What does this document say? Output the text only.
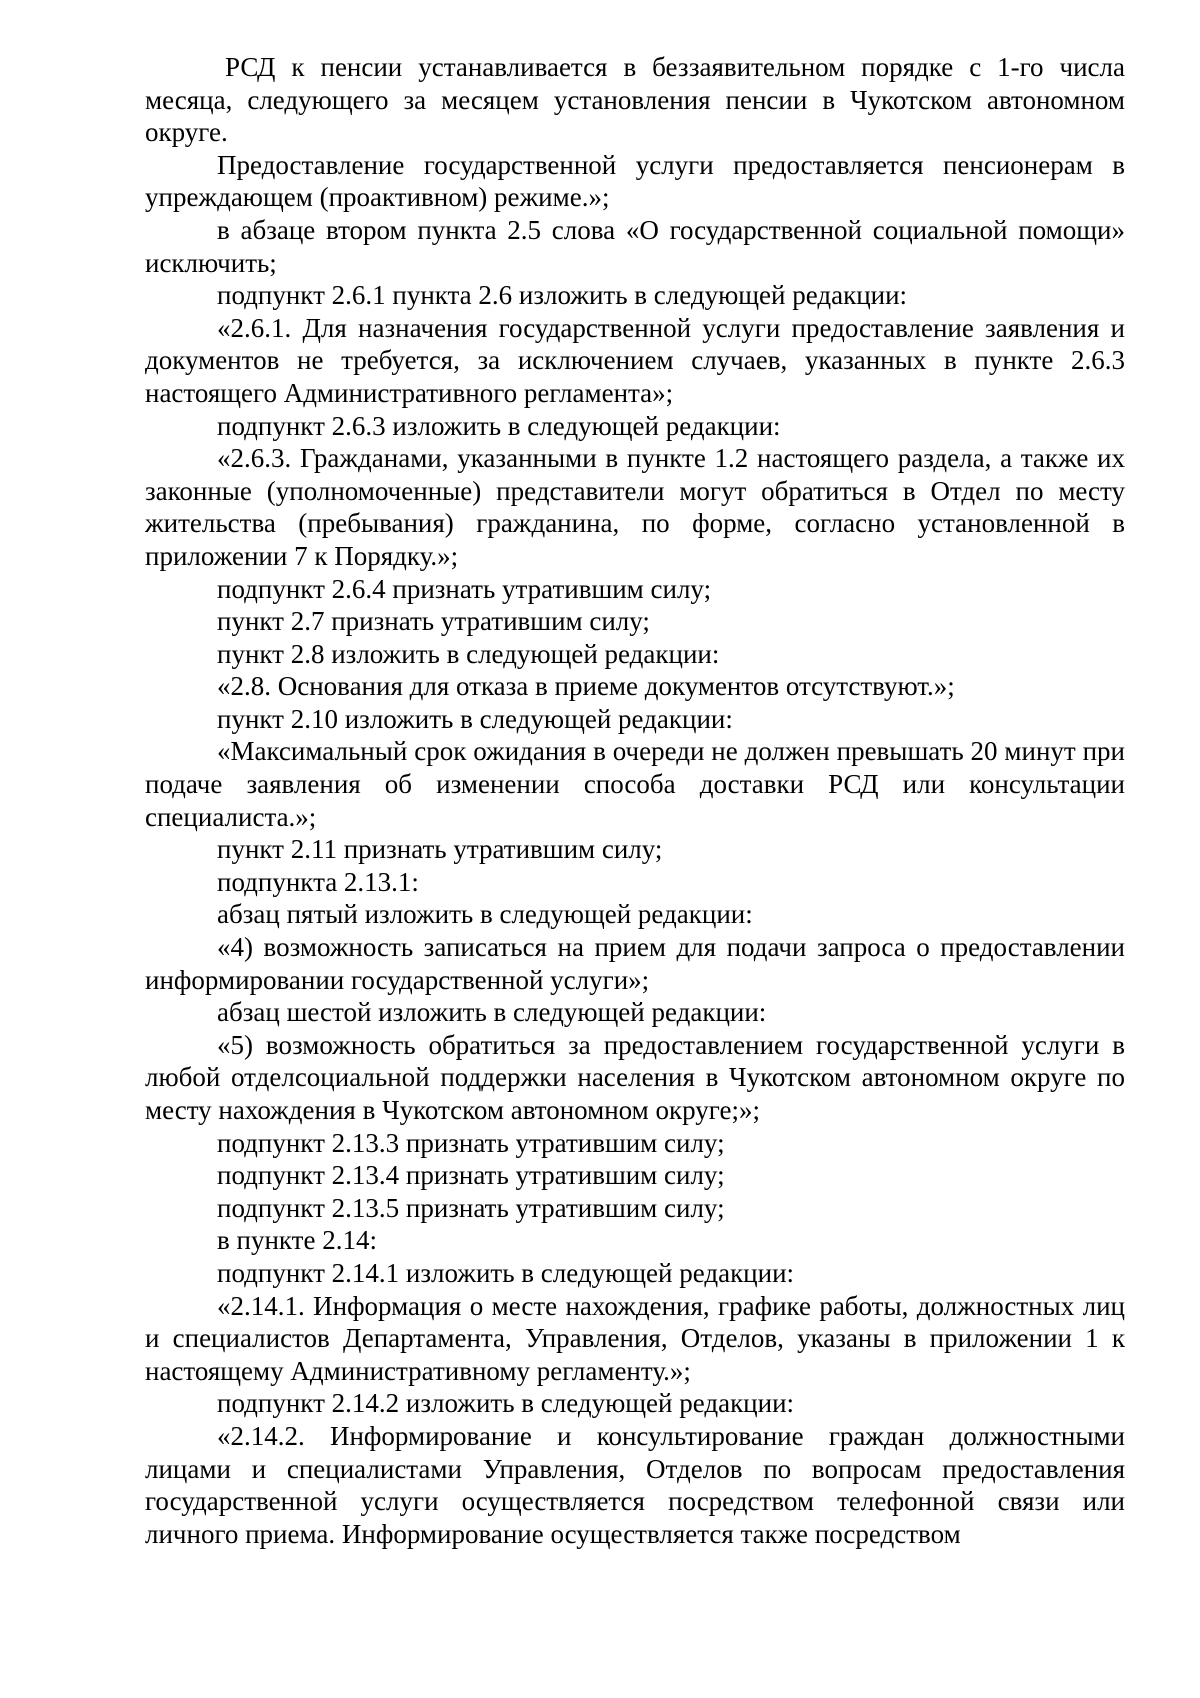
РСД к пенсии устанавливается в беззаявительном порядке с 1-го числа месяца, следующего за месяцем установления пенсии в Чукотском автономном округе.

Предоставление государственной услуги предоставляется пенсионерам в упреждающем (проактивном) режиме.»;

в абзаце втором пункта 2.5 слова «О государственной социальной помощи» исключить;

подпункт 2.6.1 пункта 2.6 изложить в следующей редакции:

«2.6.1. Для назначения государственной услуги предоставление заявления и документов не требуется, за исключением случаев, указанных в пункте 2.6.3 настоящего Административного регламента»;

подпункт 2.6.3 изложить в следующей редакции:

«2.6.3. Гражданами, указанными в пункте 1.2 настоящего раздела, а также их законные (уполномоченные) представители могут обратиться в Отдел по месту жительства (пребывания) гражданина, по форме, согласно установленной в приложении 7 к Порядку.»;

подпункт 2.6.4 признать утратившим силу;

пункт 2.7 признать утратившим силу;

пункт 2.8 изложить в следующей редакции:

«2.8. Основания для отказа в приеме документов отсутствуют.»;

пункт 2.10 изложить в следующей редакции:

«Максимальный срок ожидания в очереди не должен превышать 20 минут при подаче заявления об изменении способа доставки РСД или консультации специалиста.»;

пункт 2.11 признать утратившим силу;

подпункта 2.13.1:

абзац пятый изложить в следующей редакции:

«4) возможность записаться на прием для подачи запроса о предоставлении информировании государственной услуги»;

абзац шестой изложить в следующей редакции:

«5) возможность обратиться за предоставлением государственной услуги в любой отделсоциальной поддержки населения в Чукотском автономном округе по месту нахождения в Чукотском автономном округе;»;

подпункт 2.13.3 признать утратившим силу;

подпункт 2.13.4 признать утратившим силу;

подпункт 2.13.5 признать утратившим силу;

в пункте 2.14:

подпункт 2.14.1 изложить в следующей редакции:

«2.14.1. Информация о месте нахождения, графике работы, должностных лиц и специалистов Департамента, Управления, Отделов, указаны в приложении 1 к настоящему Административному регламенту.»;

подпункт 2.14.2 изложить в следующей редакции:

«2.14.2. Информирование и консультирование граждан должностными лицами и специалистами Управления, Отделов по вопросам предоставления государственной услуги осуществляется посредством телефонной связи или личного приема. Информирование осуществляется также посредством
